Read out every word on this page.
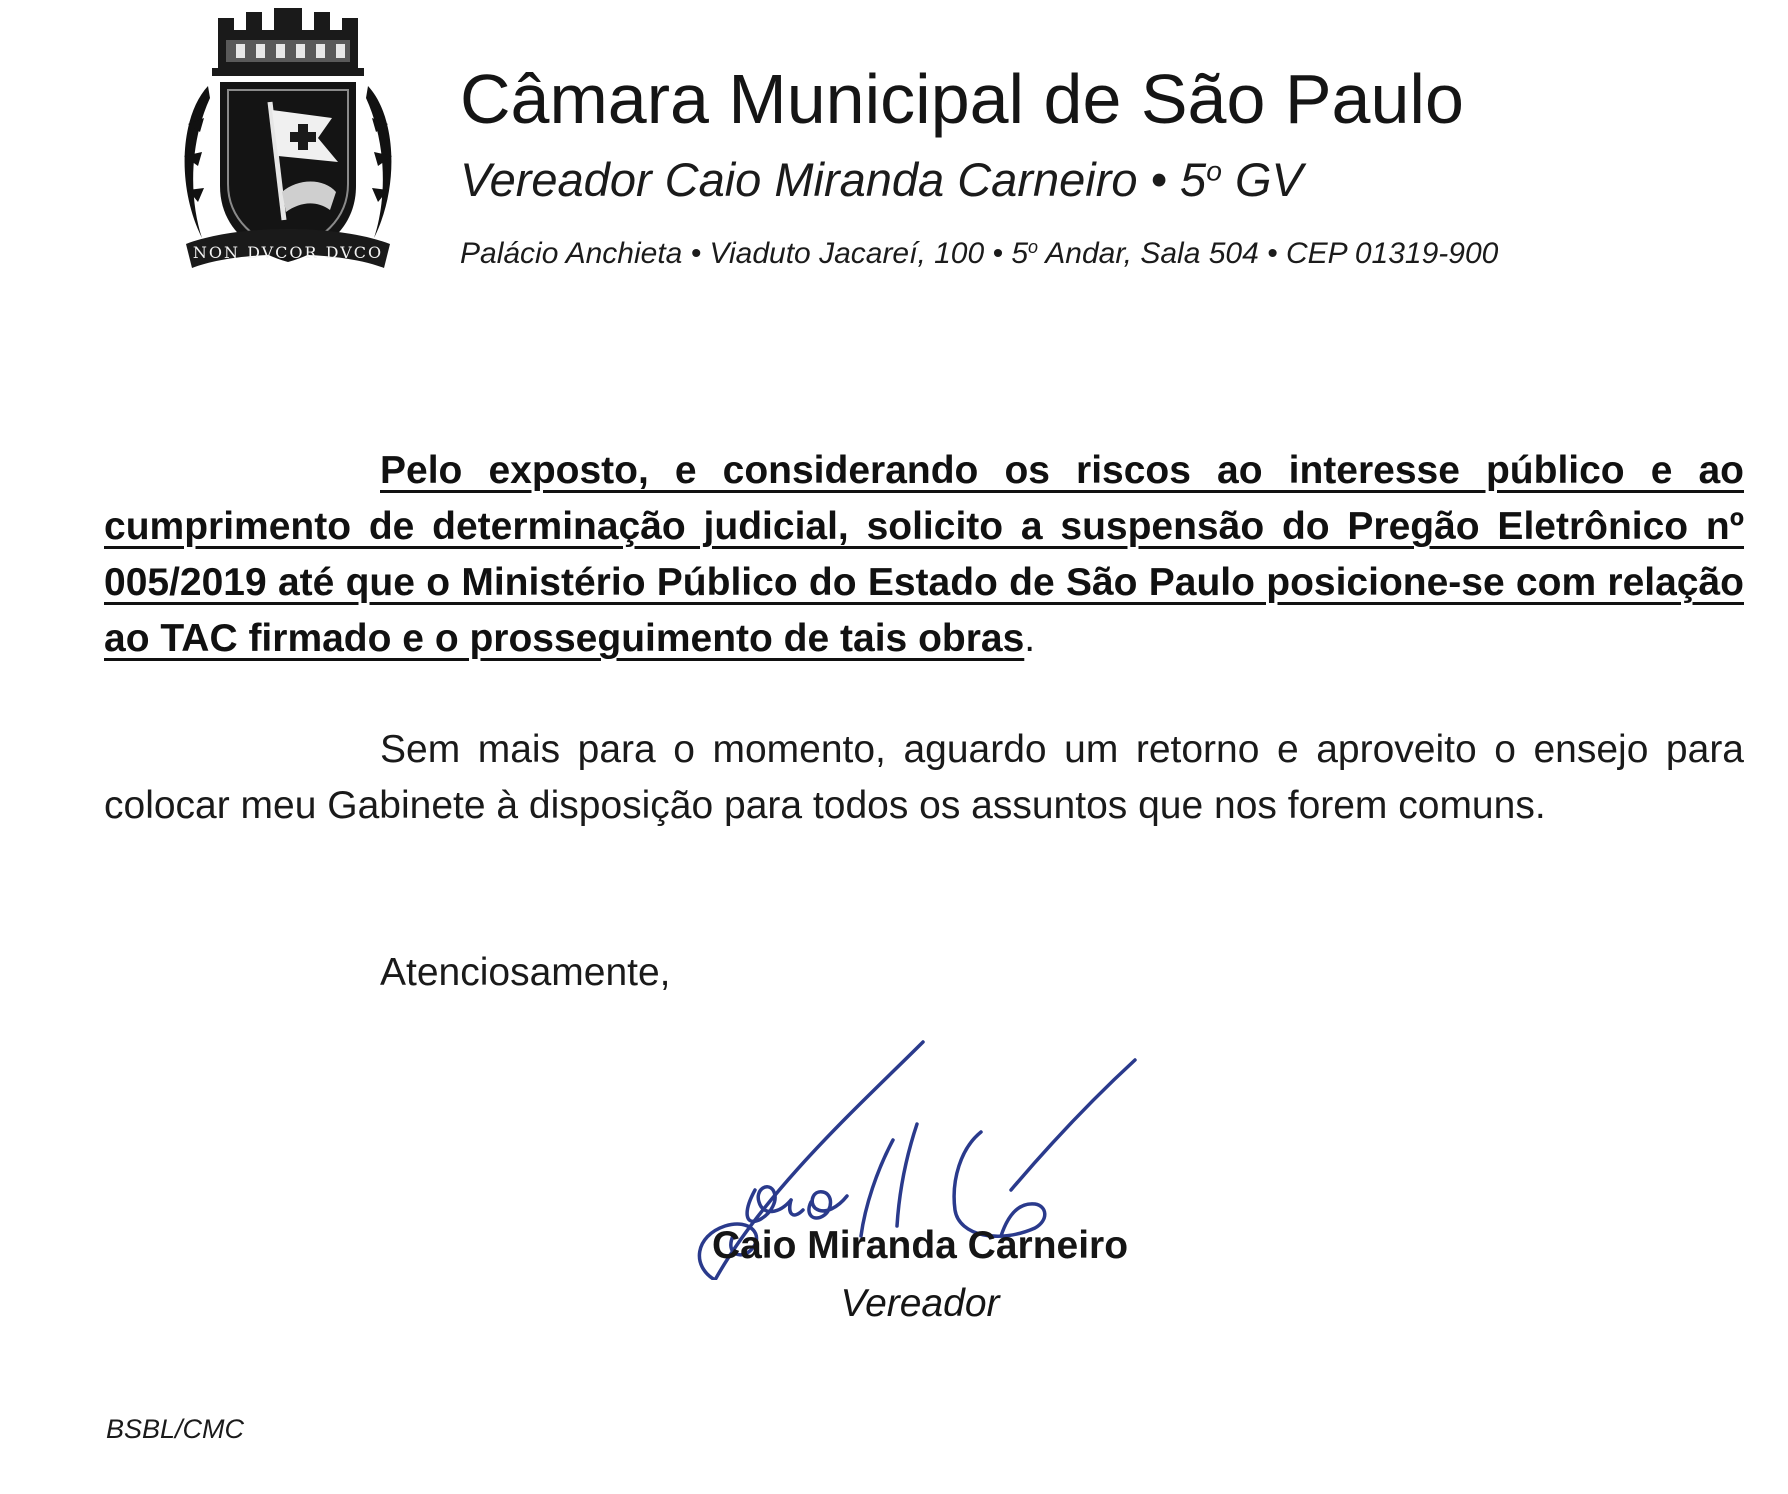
NON DVCOR DVCO
Câmara Municipal de São Paulo
Vereador Caio Miranda Carneiro • 5$^o$ GV
Palácio Anchieta • Viaduto Jacareí, 100 • 5$^o$ Andar, Sala 504 • CEP 01319-900

Pelo exposto, e considerando os riscos ao interesse público e ao cumprimento de determinação judicial, solicito a suspensão do Pregão Eletrônico nº 005/2019 até que o Ministério Público do Estado de São Paulo posicione-se com relação ao TAC firmado e o prosseguimento de tais obras.

Sem mais para o momento, aguardo um retorno e aproveito o ensejo para colocar meu Gabinete à disposição para todos os assuntos que nos forem comuns.

Atenciosamente,
Caio Miranda Carneiro
Vereador
BSBL/CMC
